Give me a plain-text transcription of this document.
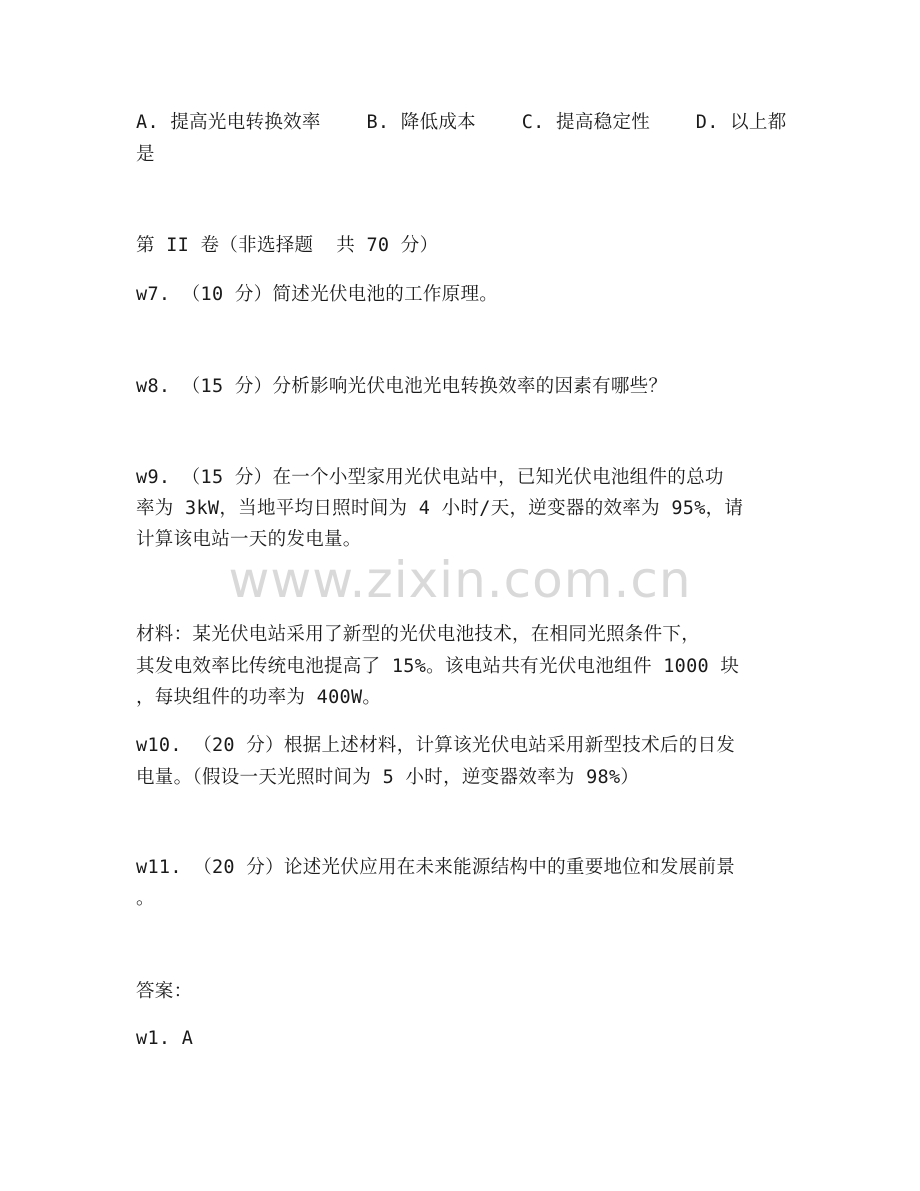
A. 提高光电转换效率    B. 降低成本    C. 提高稳定性    D. 以上都
是
第 II 卷（非选择题  共 70 分）
w7. （10 分）简述光伏电池的工作原理。
w8. （15 分）分析影响光伏电池光电转换效率的因素有哪些？
w9. （15 分）在一个小型家用光伏电站中，已知光伏电池组件的总功
率为 3kW，当地平均日照时间为 4 小时/天，逆变器的效率为 95%，请
计算该电站一天的发电量。
材料：某光伏电站采用了新型的光伏电池技术，在相同光照条件下，
其发电效率比传统电池提高了 15%。该电站共有光伏电池组件 1000 块
，每块组件的功率为 400W。
w10. （20 分）根据上述材料，计算该光伏电站采用新型技术后的日发
电量。（假设一天光照时间为 5 小时，逆变器效率为 98%）
w11. （20 分）论述光伏应用在未来能源结构中的重要地位和发展前景
。
答案：
w1. A
www.zixin.com.cn
